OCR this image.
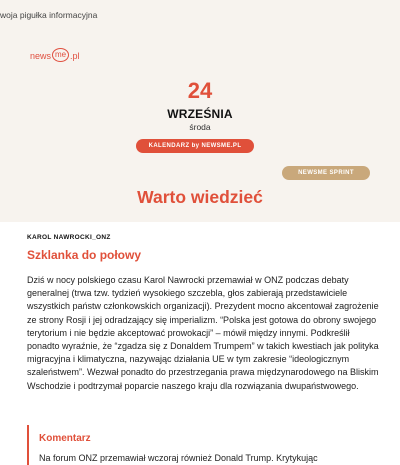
woja pigułka informacyjna
news me .pl
24
WRZEŚNIA
środa
KALENDARZ by NEWSME.PL
NEWSME SPRINT
Warto wiedzieć
KAROL NAWROCKI_ONZ
Szklanka do połowy
Dziś w nocy polskiego czasu Karol Nawrocki przemawiał w ONZ podczas debaty generalnej (trwa tzw. tydzień wysokiego szczebla, głos zabierają przedstawiciele wszystkich państw członkowskich organizacji). Prezydent mocno akcentował zagrożenie ze strony Rosji i jej odradzający się imperializm. “Polska jest gotowa do obrony swojego terytorium i nie będzie akceptować prowokacji” – mówił między innymi. Podkreślił ponadto wyraźnie, że “zgadza się z Donaldem Trumpem” w takich kwestiach jak polityka migracyjna i klimatyczna, nazywając działania UE w tym zakresie “ideologicznym szaleństwem”. Wezwał ponadto do przestrzegania prawa międzynarodowego na Bliskim Wschodzie i podtrzymał poparcie naszego kraju dla rozwiązania dwupaństwowego.
Komentarz
Na forum ONZ przemawiał wczoraj również Donald Trump. Krytykując
